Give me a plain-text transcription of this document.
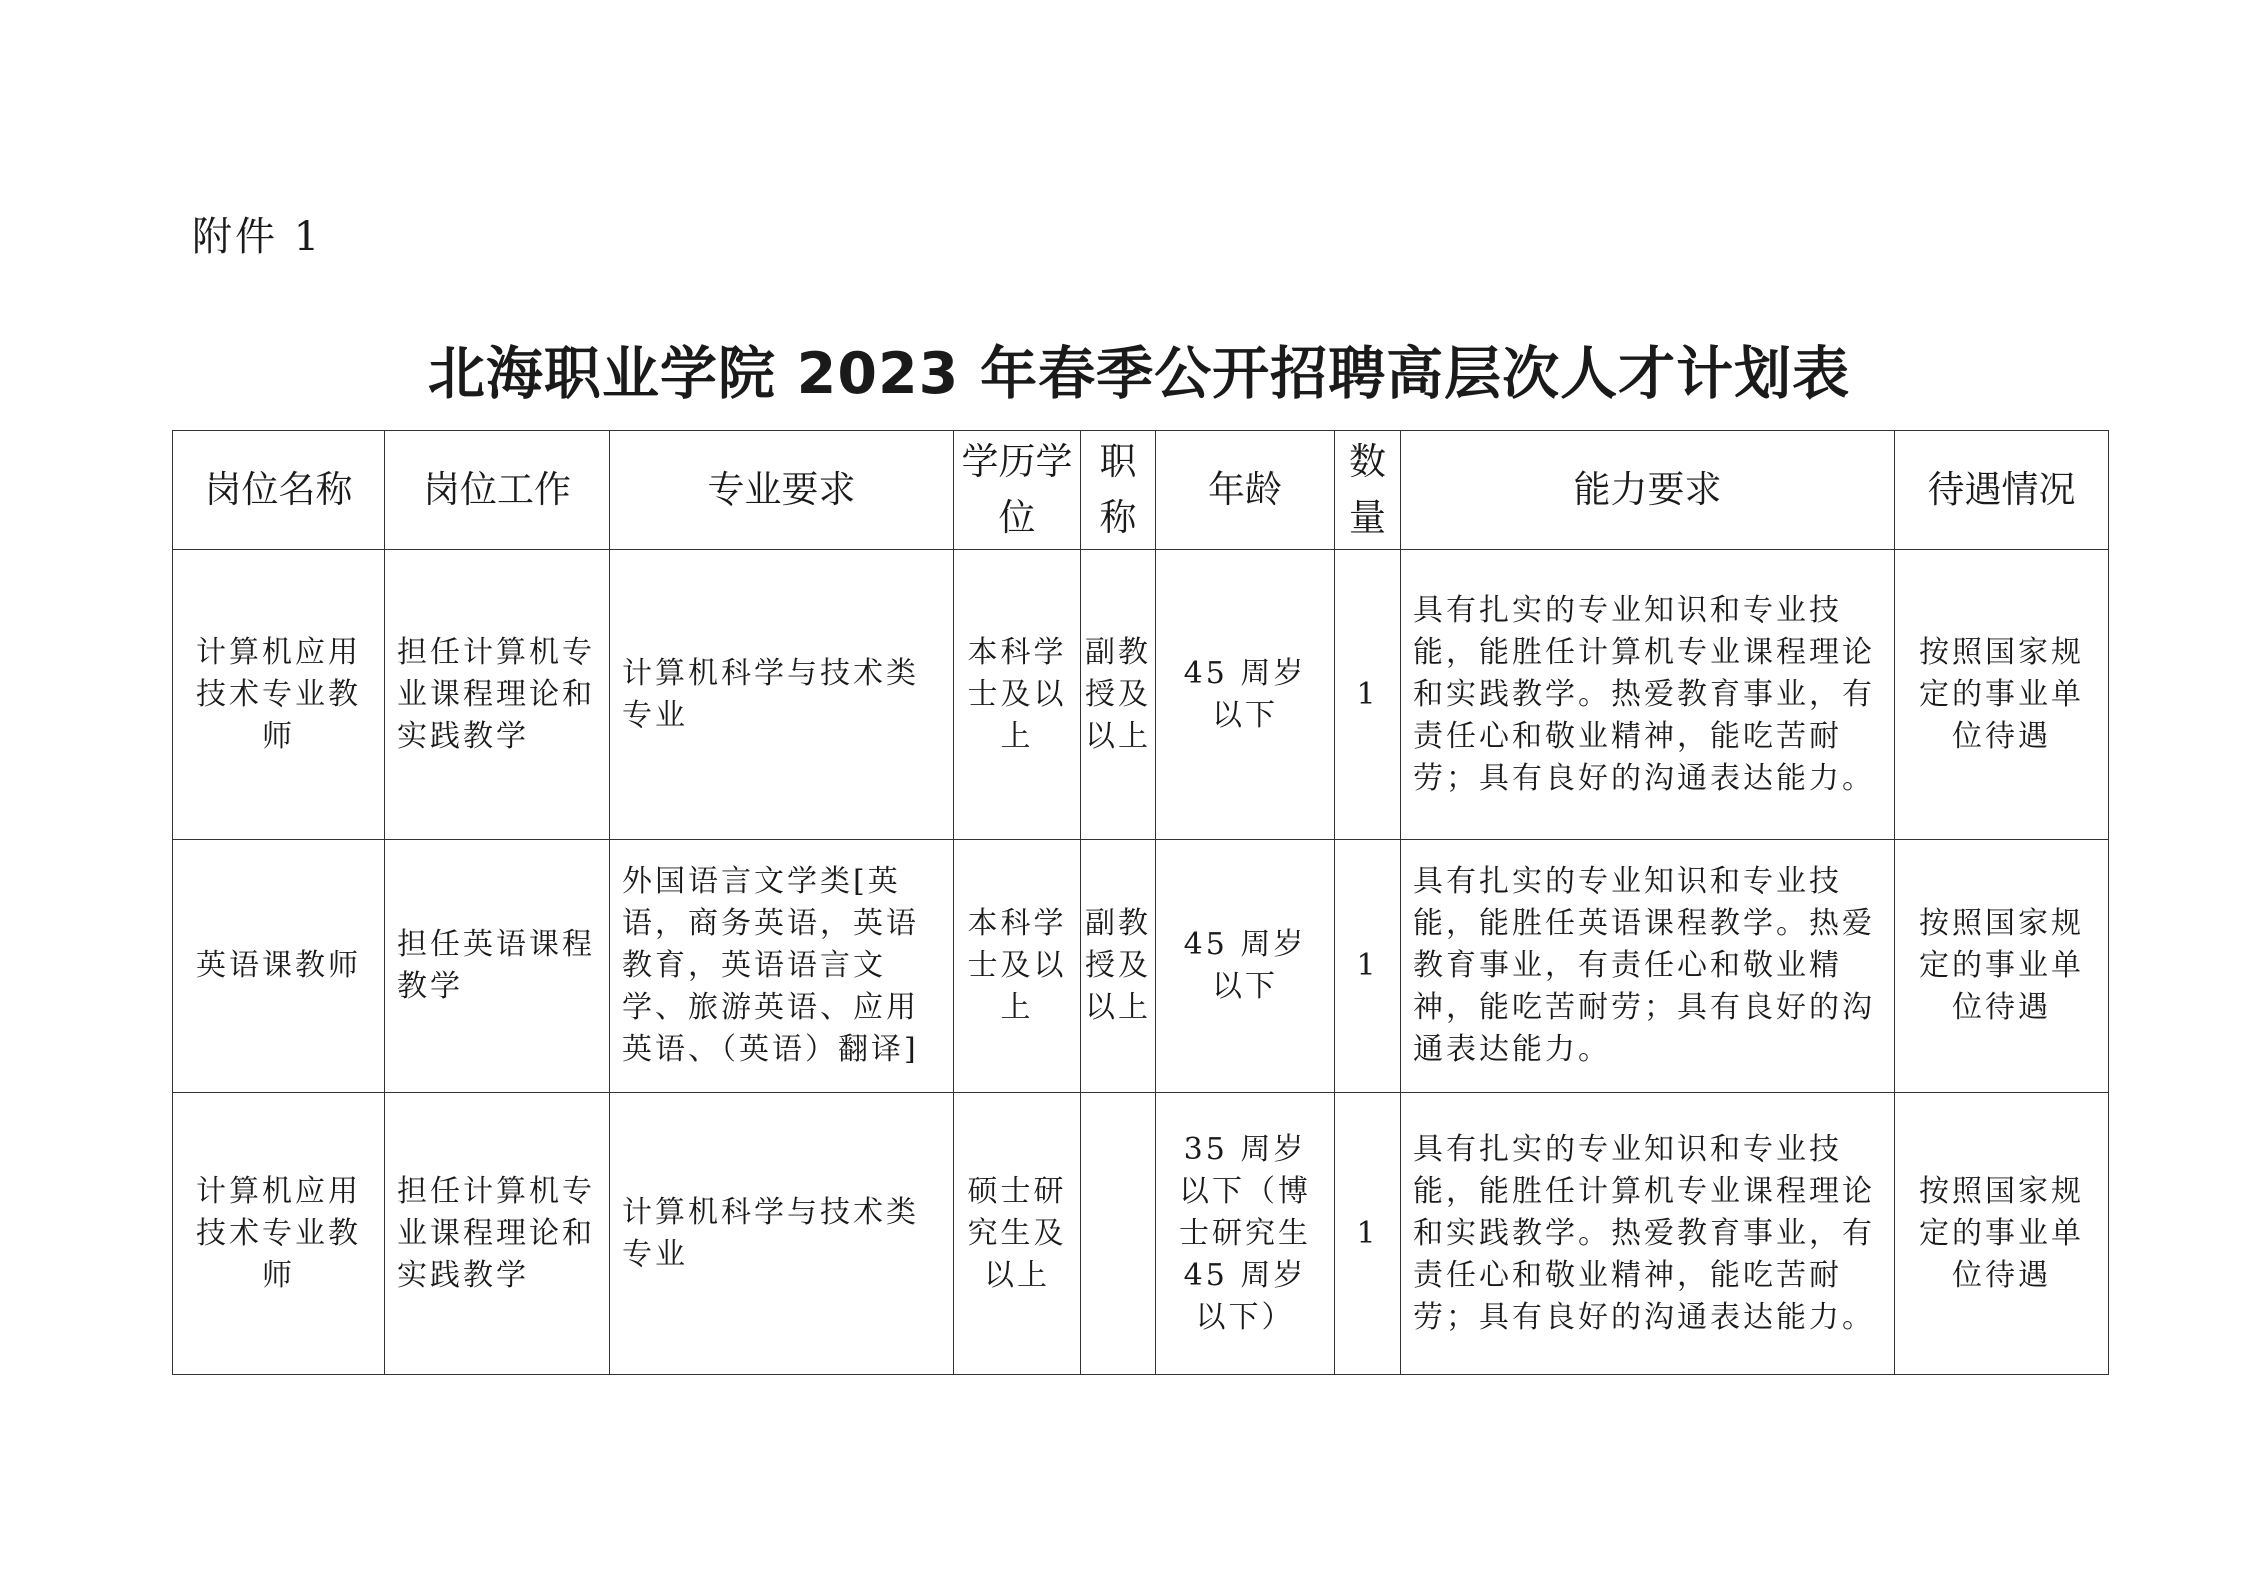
附件 1
北海职业学院 2023 年春季公开招聘高层次人才计划表
岗位名称	岗位工作	专业要求	学历学位	职称	年龄	数量	能力要求	待遇情况
计算机应用技术专业教师	担任计算机专业课程理论和实践教学	计算机科学与技术类专业	本科学士及以上	副教授及以上	45 周岁以下	1	具有扎实的专业知识和专业技能，能胜任计算机专业课程理论和实践教学。热爱教育事业，有责任心和敬业精神，能吃苦耐劳；具有良好的沟通表达能力。	按照国家规定的事业单位待遇
英语课教师	担任英语课程教学	外国语言文学类[英语，商务英语，英语教育，英语语言文学、旅游英语、应用英语、（英语）翻译]	本科学士及以上	副教授及以上	45 周岁以下	1	具有扎实的专业知识和专业技能，能胜任英语课程教学。热爱教育事业，有责任心和敬业精神，能吃苦耐劳；具有良好的沟通表达能力。	按照国家规定的事业单位待遇
计算机应用技术专业教师	担任计算机专业课程理论和实践教学	计算机科学与技术类专业	硕士研究生及以上		35 周岁以下（博士研究生 45 周岁以下）	1	具有扎实的专业知识和专业技能，能胜任计算机专业课程理论和实践教学。热爱教育事业，有责任心和敬业精神，能吃苦耐劳；具有良好的沟通表达能力。	按照国家规定的事业单位待遇
